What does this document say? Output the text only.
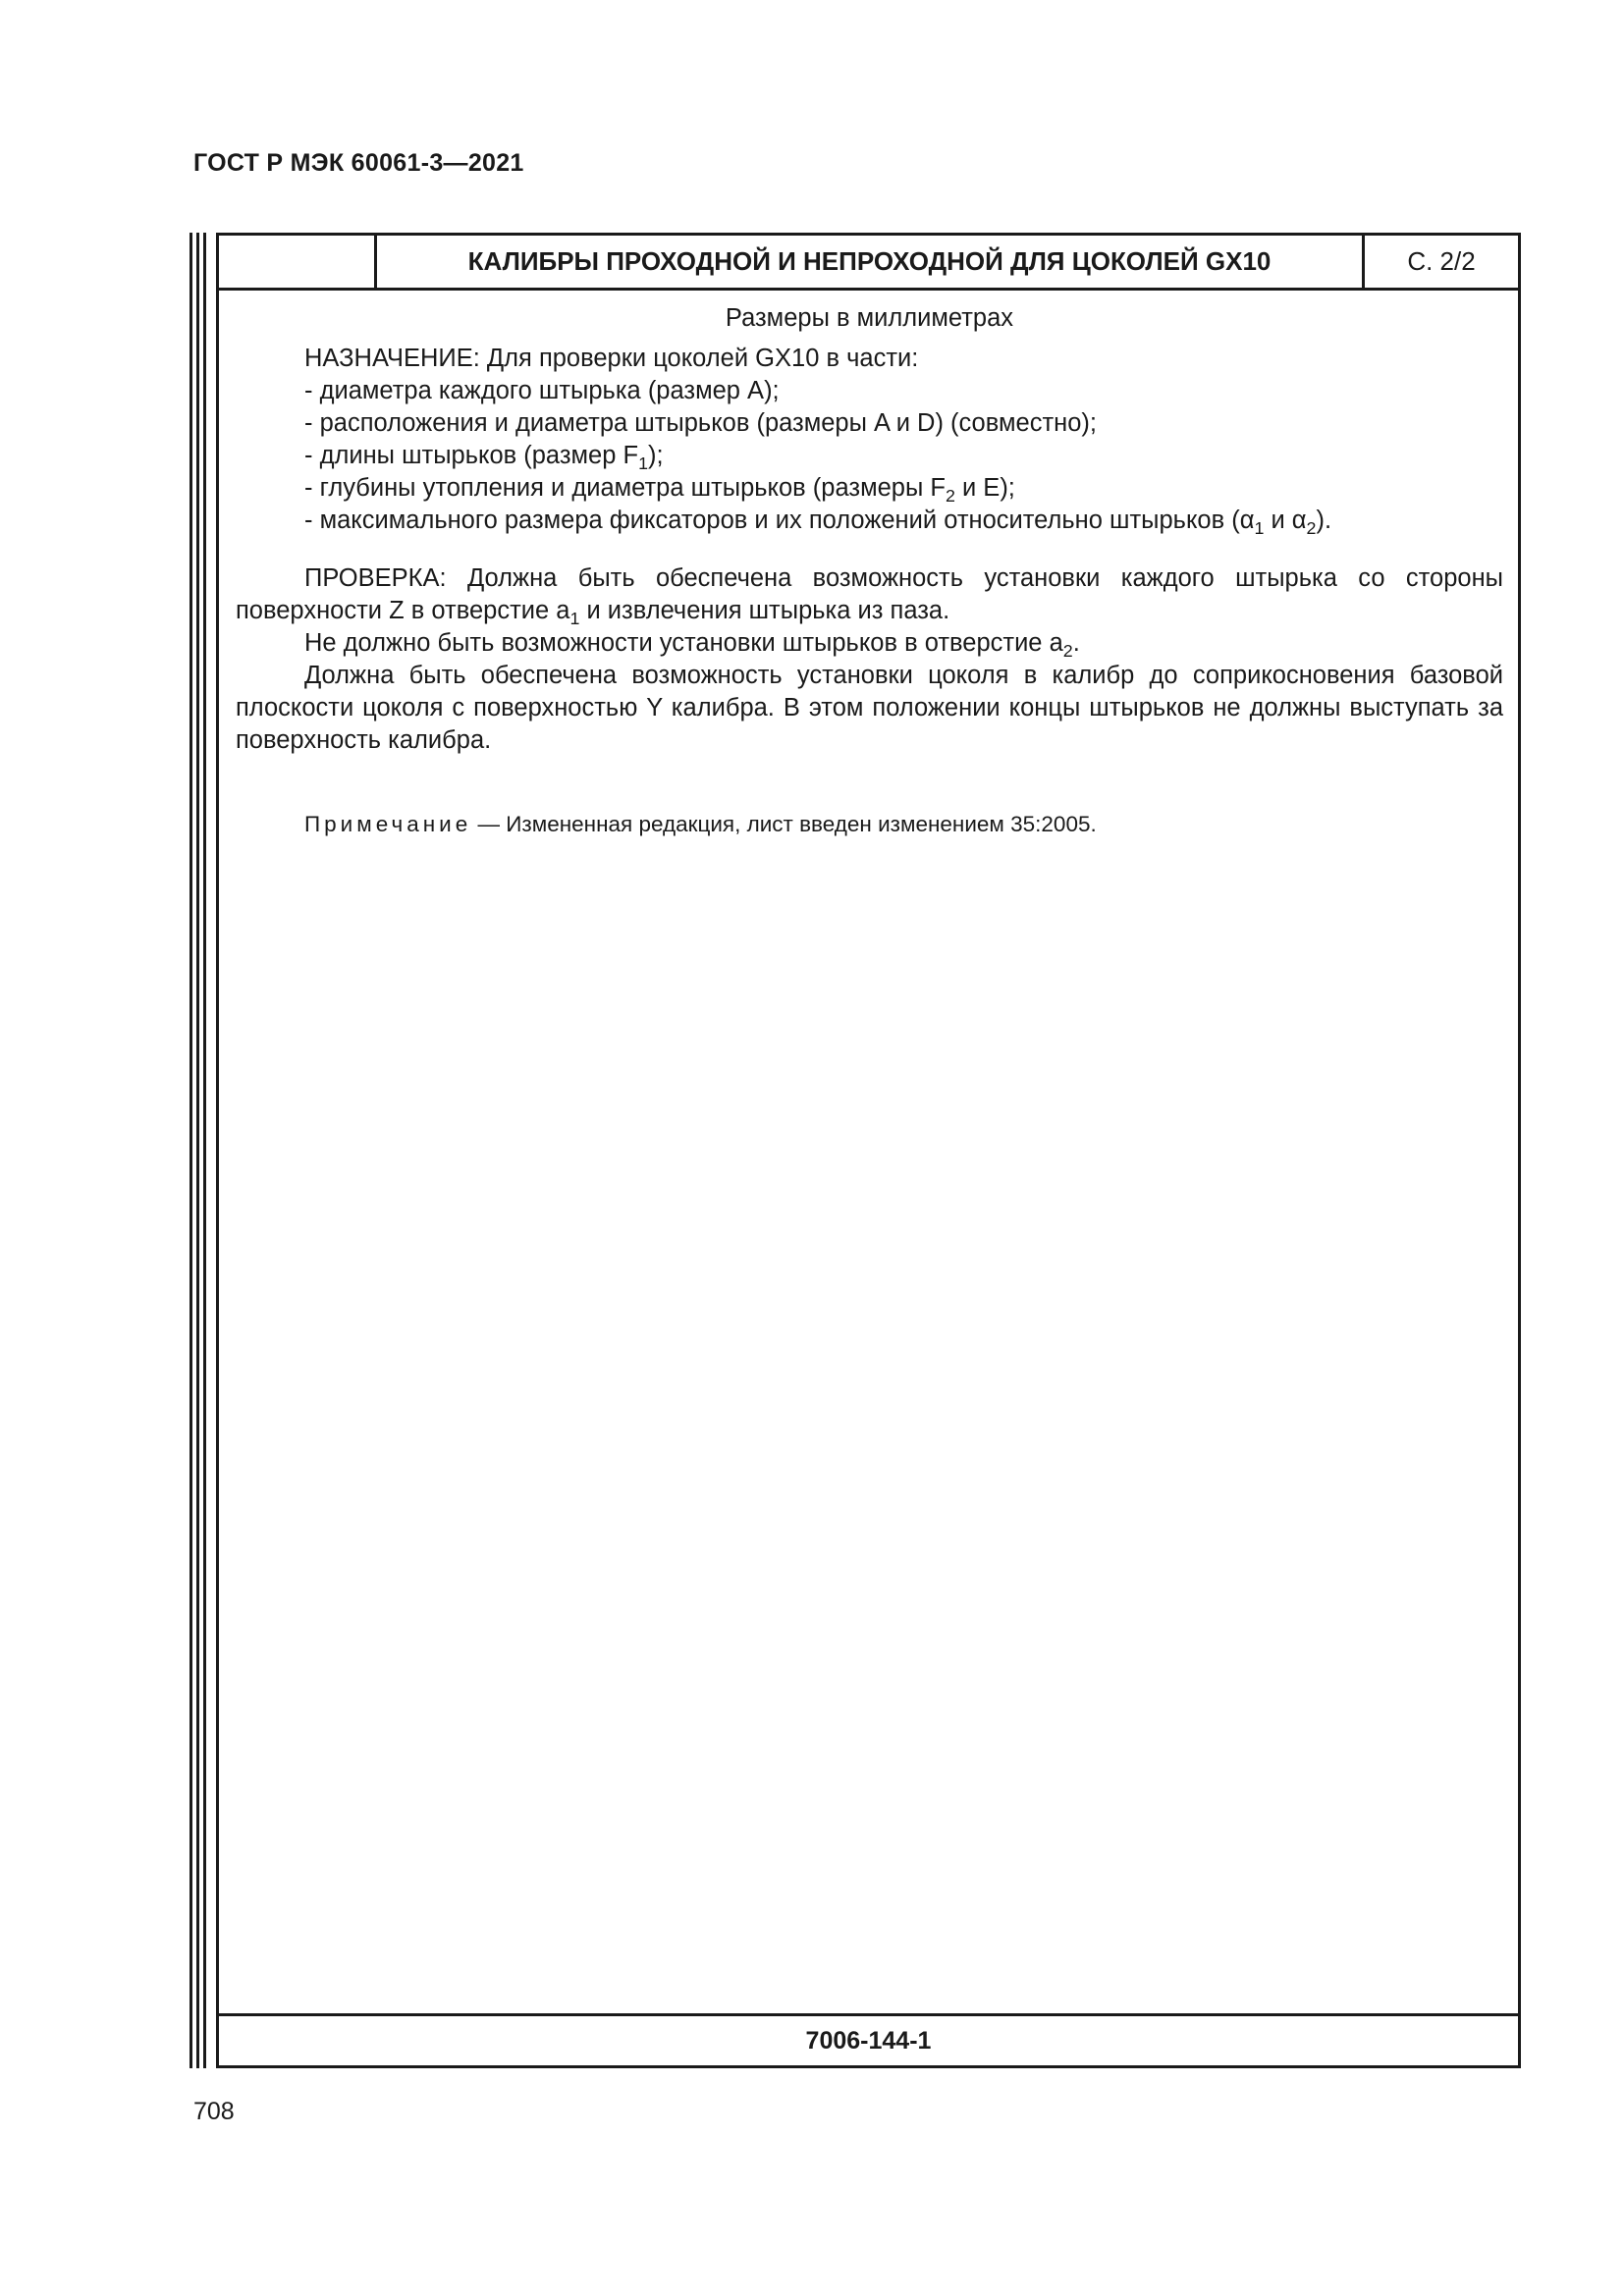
ГОСТ Р МЭК 60061-3—2021
КАЛИБРЫ ПРОХОДНОЙ И НЕПРОХОДНОЙ ДЛЯ ЦОКОЛЕЙ GX10	С. 2/2
Размеры в миллиметрах
НАЗНАЧЕНИЕ: Для проверки цоколей GX10 в части:
- диаметра каждого штырька (размер A);
- расположения и диаметра штырьков (размеры A и D) (совместно);
- длины штырьков (размер $F_1$);
- глубины утопления и диаметра штырьков (размеры $F_2$ и E);
- максимального размера фиксаторов и их положений относительно штырьков ($\alpha_1$ и $\alpha_2$).
ПРОВЕРКА: Должна быть обеспечена возможность установки каждого штырька со стороны поверхности Z в отверстие $a_1$ и извлечения штырька из паза.
Не должно быть возможности установки штырьков в отверстие $a_2$.
Должна быть обеспечена возможность установки цоколя в калибр до соприкосновения базовой плоскости цоколя с поверхностью Y калибра. В этом положении концы штырьков не должны выступать за поверхность калибра.
Примечание — Измененная редакция, лист введен изменением 35:2005.
7006-144-1
708
